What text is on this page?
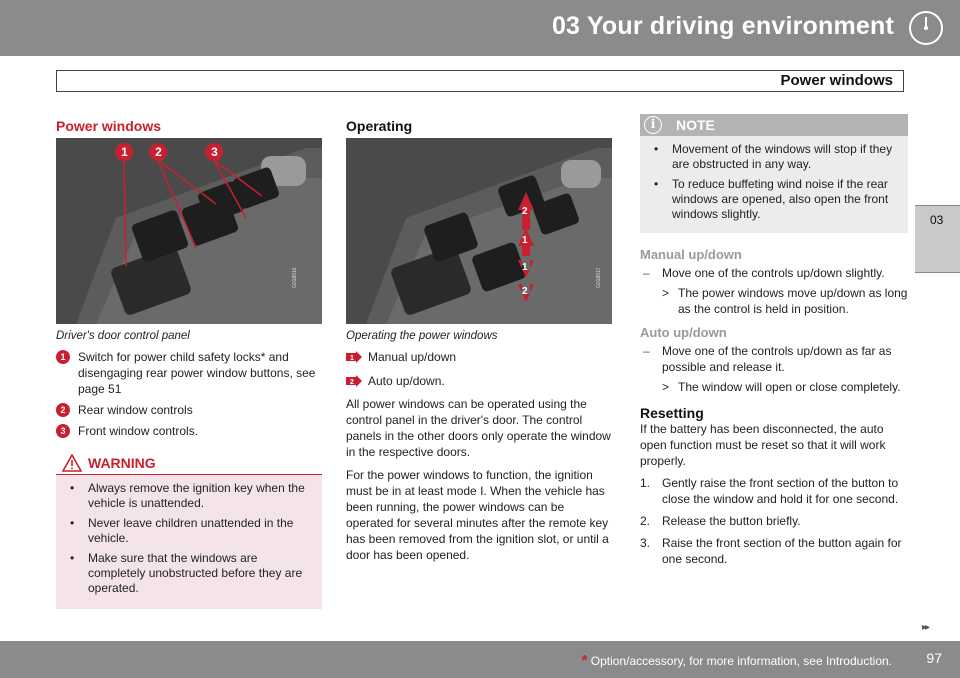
03 Your driving environment
Power windows
03
Power windows
1 2	3
G018016
Driver's door control panel
1	Switch for power child safety locks* and disengaging rear power window buttons, see page 51
2	Rear window controls
3	Front window controls.
WARNING
• Always remove the ignition key when the vehicle is unattended.
• Never leave children unattended in the vehicle.
• Make sure that the windows are completely unobstructed before they are operated.
Operating
2
1
1
2
G018017
Operating the power windows
1 Manual up/down
2 Auto up/down.
All power windows can be operated using the control panel in the driver's door. The control panels in the other doors only operate the window in the respective doors.
For the power windows to function, the ignition must be in at least mode I. When the vehicle has been running, the power windows can be operated for several minutes after the remote key has been removed from the ignition slot, or until a door has been opened.
i	NOTE
• Movement of the windows will stop if they are obstructed in any way.
• To reduce buffeting wind noise if the rear windows are opened, also open the front windows slightly.
Manual up/down
– Move one of the controls up/down slightly.
> The power windows move up/down as long as the control is held in position.
Auto up/down
– Move one of the controls up/down as far as possible and release it.
> The window will open or close completely.
Resetting
If the battery has been disconnected, the auto open function must be reset so that it will work properly.
1. Gently raise the front section of the button to close the window and hold it for one second.
2. Release the button briefly.
3. Raise the front section of the button again for one second.
▸▸
* Option/accessory, for more information, see Introduction. 97
